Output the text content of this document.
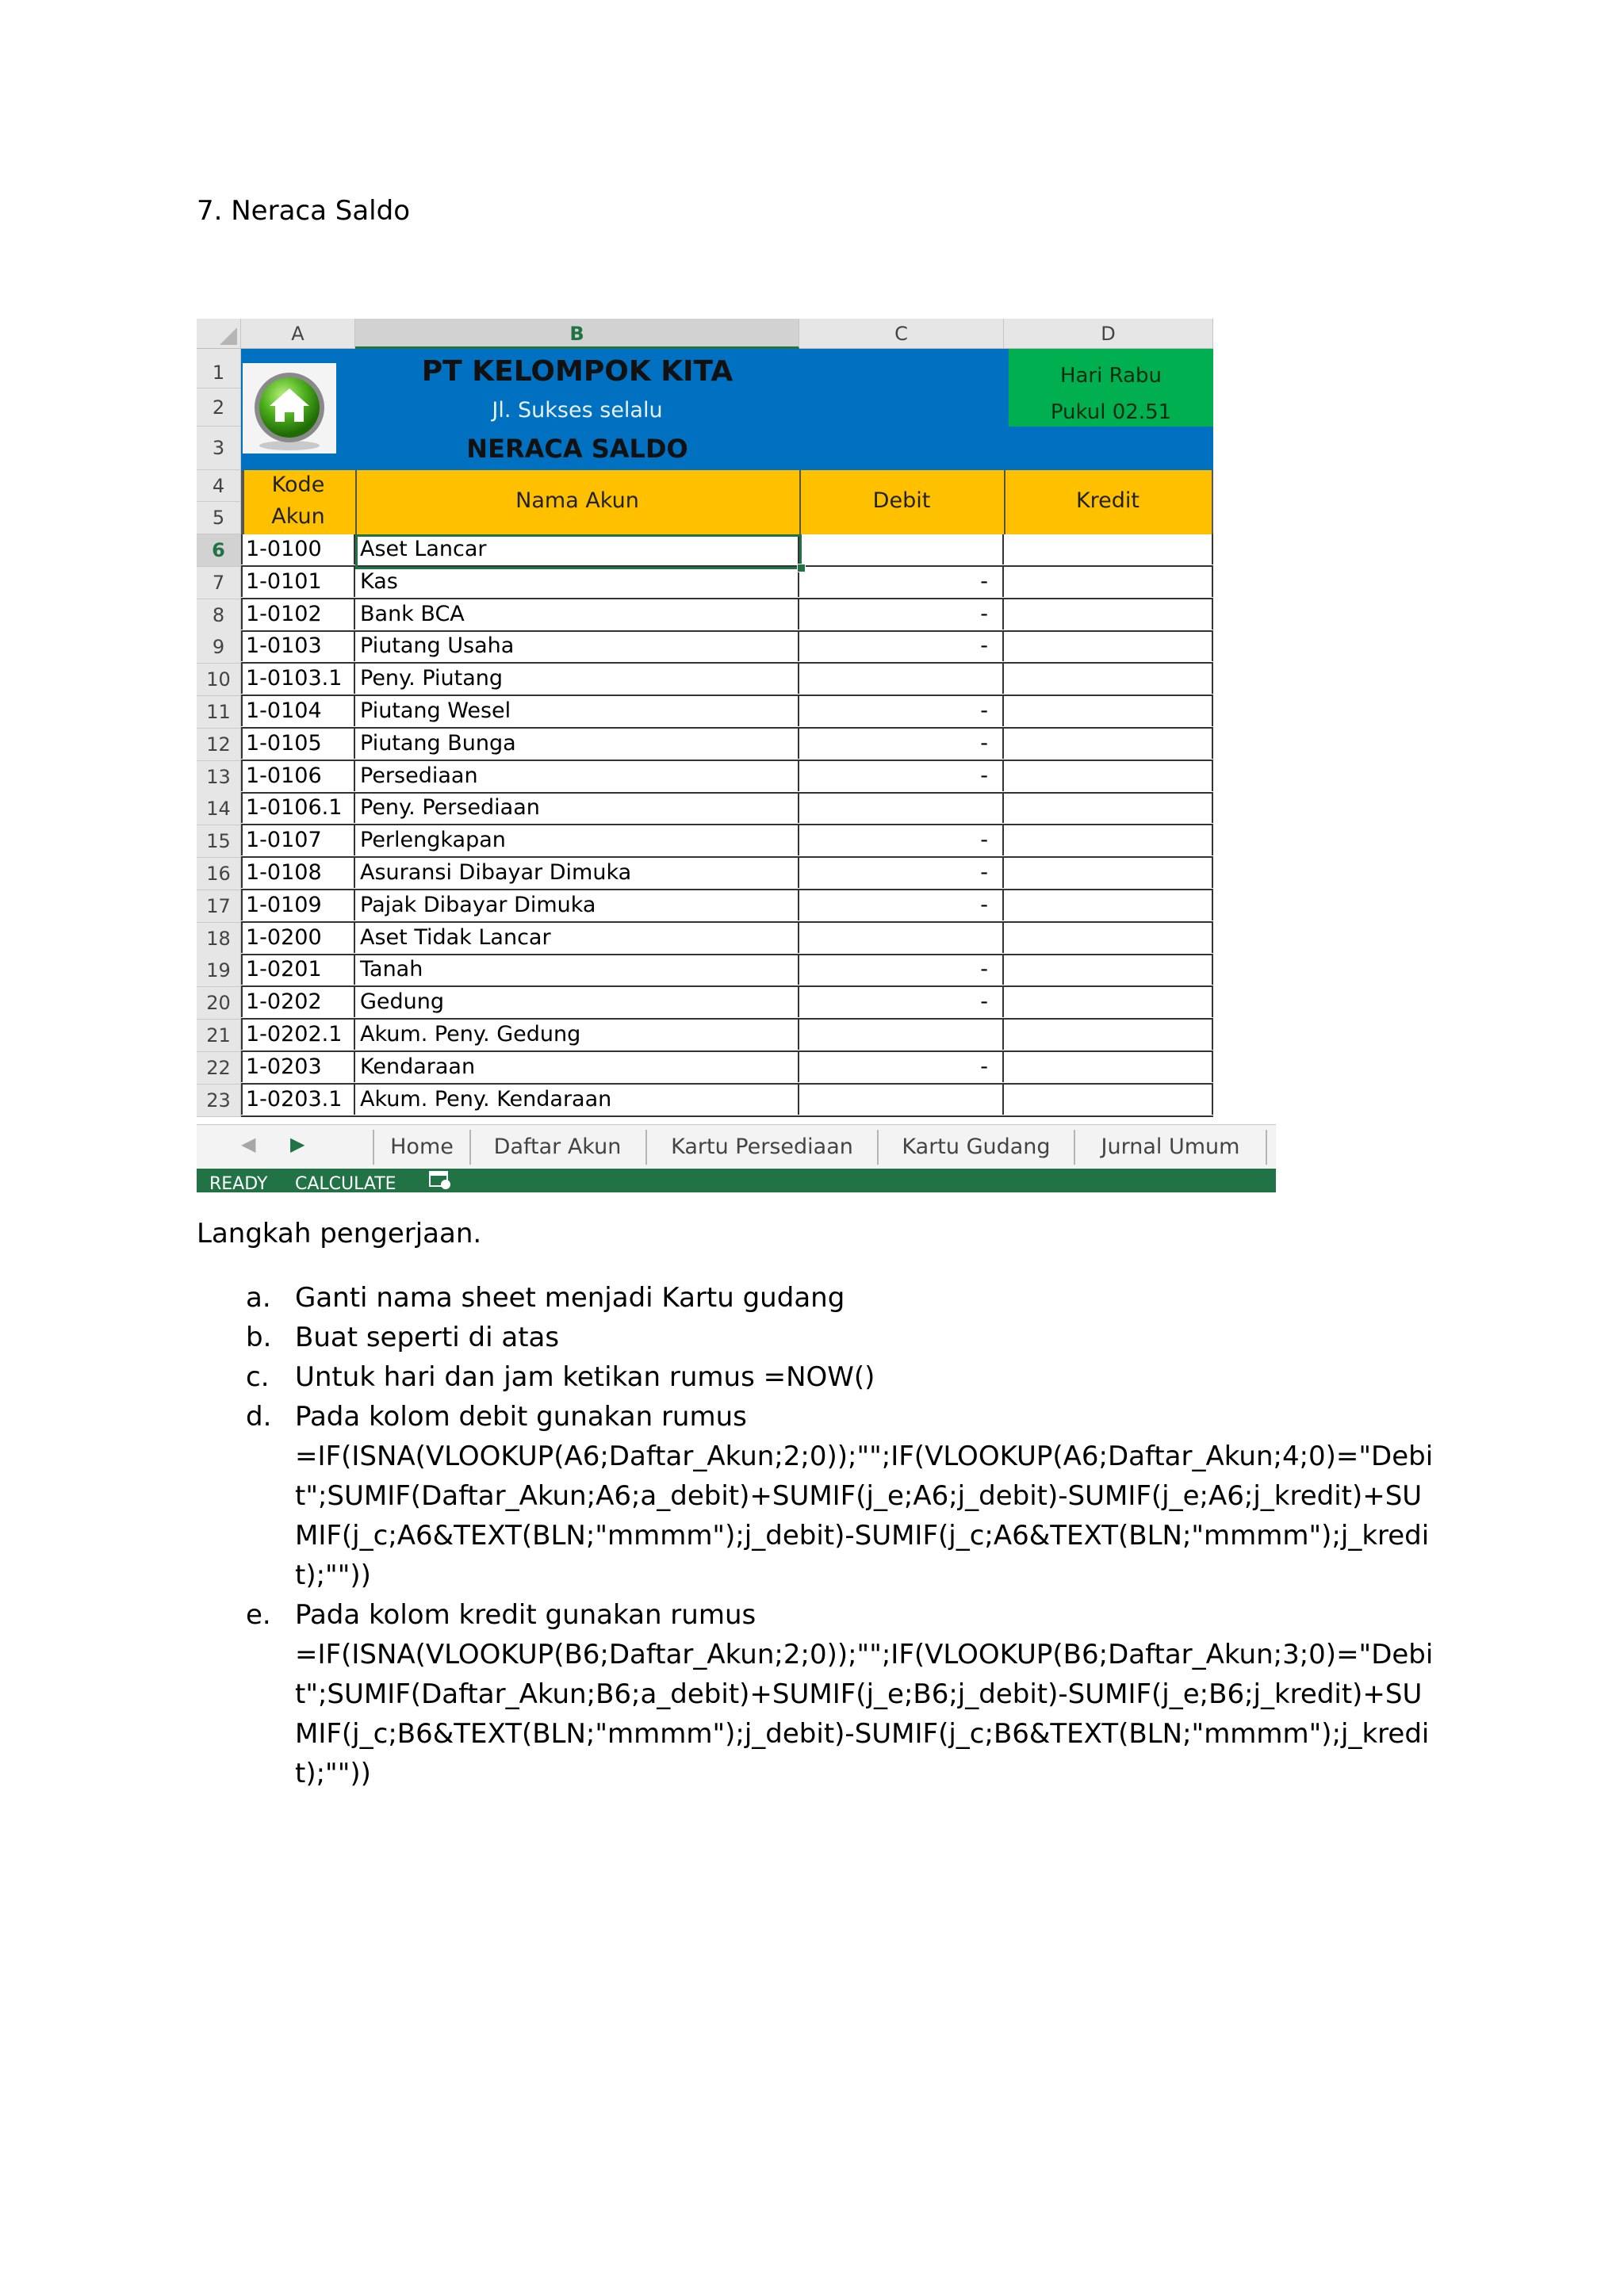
7. Neraca Saldo
A	B	C	D
1
2
3
4
5
PT KELOMPOK KITA
Jl. Sukses selalu
NERACA SALDO
Hari Rabu
Pukul 02.51
Kode
Akun
Nama Akun	Debit	Kredit
1-0100	Aset Lancar
1-0101	Kas	-
1-0102	Bank BCA	-
1-0103	Piutang Usaha	-
1-0103.1 Peny. Piutang
1-0104	Piutang Wesel	-
1-0105	Piutang Bunga	-
1-0106	Persediaan	-
1-0106.1 Peny. Persediaan
1-0107	Perlengkapan	-
1-0108	Asuransi Dibayar Dimuka	-
1-0109	Pajak Dibayar Dimuka	-
1-0200	Aset Tidak Lancar
1-0201	Tanah	-
1-0202	Gedung	-
1-0202.1 Akum. Peny. Gedung
1-0203	Kendaraan	-
1-0203.1 Akum. Peny. Kendaraan
◀ ▶	Home	Daftar Akun	Kartu Persediaan	Kartu Gudang	Jurnal Umum
READY CALCULATE
6
7
8
9
10
11
12
13
14
15
16
17
18
19
20
21
22
23
Langkah pengerjaan.
a. Ganti nama sheet menjadi Kartu gudang
b. Buat seperti di atas
c. Untuk hari dan jam ketikan rumus =NOW()
d. Pada kolom debit gunakan rumus
=IF(ISNA(VLOOKUP(A6;Daftar_Akun;2;0));"";IF(VLOOKUP(A6;Daftar_Akun;4;0)="Debit";SUMIF(Daftar_Akun;A6;a_debit)+SUMIF(j_e;A6;j_debit)-SUMIF(j_e;A6;j_kredit)+SUMIF(j_c;A6&TEXT(BLN;"mmmm");j_debit)-SUMIF(j_c;A6&TEXT(BLN;"mmmm");j_kredit);""))
e. Pada kolom kredit gunakan rumus
=IF(ISNA(VLOOKUP(B6;Daftar_Akun;2;0));"";IF(VLOOKUP(B6;Daftar_Akun;3;0)="Debit";SUMIF(Daftar_Akun;B6;a_debit)+SUMIF(j_e;B6;j_debit)-SUMIF(j_e;B6;j_kredit)+SUMIF(j_c;B6&TEXT(BLN;"mmmm");j_debit)-SUMIF(j_c;B6&TEXT(BLN;"mmmm");j_kredit);""))
